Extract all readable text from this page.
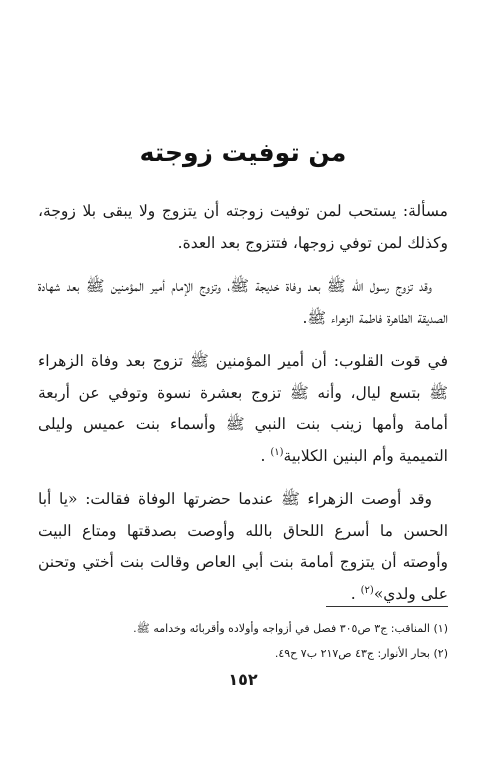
من توفيت زوجته

مسألة: يستحب لمن توفيت زوجته أن يتزوج ولا يبقى بلا زوجة، وكذلك لمن توفي زوجها، فتتزوج بعد العدة.

وقد تزوج رسول الله ﷺ بعد وفاة خديجة ﷺ، وتزوج الإمام أمير المؤمنين ﷺ بعد شهادة الصديقة الطاهرة فاطمة الزهراء ﷺ.

في قوت القلوب: أن أمير المؤمنين ﷺ تزوج بعد وفاة الزهراء ﷺ بتسع ليال، وأنه ﷺ تزوج بعشرة نسوة وتوفي عن أربعة أمامة وأمها زينب بنت النبي ﷺ وأسماء بنت عميس وليلى التميمية وأم البنين الكلابية$^{(١)}$ .

وقد أوصت الزهراء ﷺ عندما حضرتها الوفاة فقالت: «يا أبا الحسن ما أسرع اللحاق بالله وأوصت بصدقتها ومتاع البيت وأوصته أن يتزوج أمامة بنت أبي العاص وقالت بنت أختي وتحنن على ولدي»$^{(٢)}$ .

(١) المناقب: ج٣ ص٣٠٥ فصل في أزواجه وأولاده وأقربائه وخدامه ﷺ.
(٢) بحار الأنوار: ج٤٣ ص٢١٧ ب٧ ح٤٩.
١٥٢
